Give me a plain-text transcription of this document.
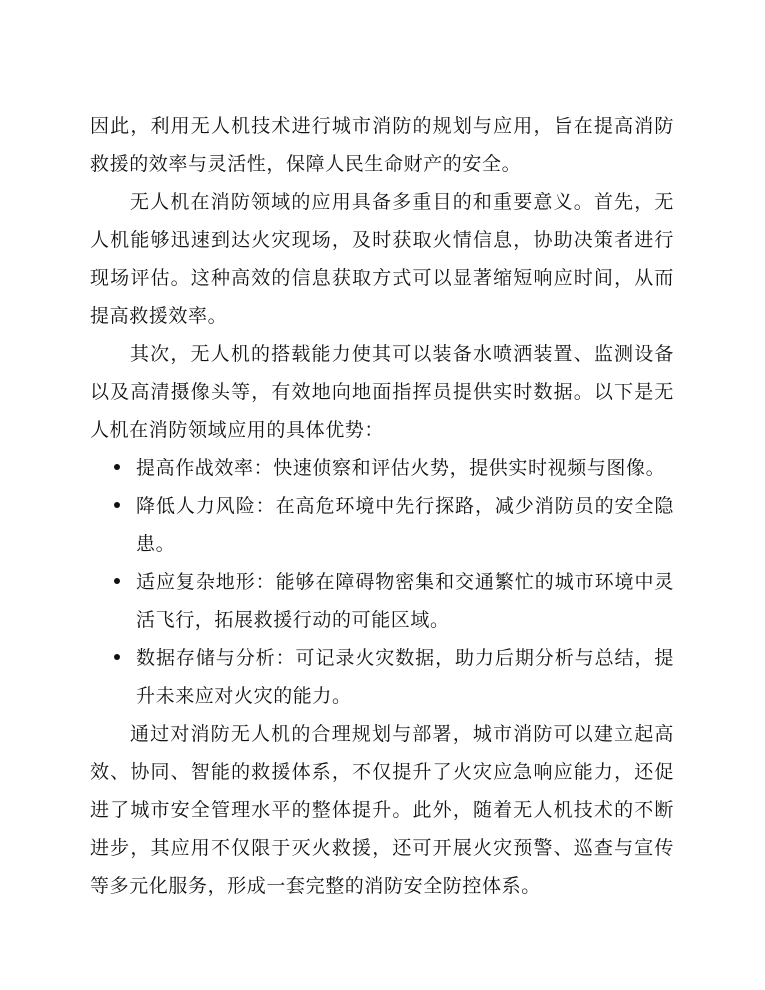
因此，利用无人机技术进行城市消防的规划与应用，旨在提高消防救援的效率与灵活性，保障人民生命财产的安全。

无人机在消防领域的应用具备多重目的和重要意义。首先，无人机能够迅速到达火灾现场，及时获取火情信息，协助决策者进行现场评估。这种高效的信息获取方式可以显著缩短响应时间，从而提高救援效率。

其次，无人机的搭载能力使其可以装备水喷洒装置、监测设备以及高清摄像头等，有效地向地面指挥员提供实时数据。以下是无人机在消防领域应用的具体优势：

提高作战效率：快速侦察和评估火势，提供实时视频与图像。
降低人力风险：在高危环境中先行探路，减少消防员的安全隐患。
适应复杂地形：能够在障碍物密集和交通繁忙的城市环境中灵活飞行，拓展救援行动的可能区域。
数据存储与分析：可记录火灾数据，助力后期分析与总结，提升未来应对火灾的能力。

通过对消防无人机的合理规划与部署，城市消防可以建立起高效、协同、智能的救援体系，不仅提升了火灾应急响应能力，还促进了城市安全管理水平的整体提升。此外，随着无人机技术的不断进步，其应用不仅限于灭火救援，还可开展火灾预警、巡查与宣传等多元化服务，形成一套完整的消防安全防控体系。
